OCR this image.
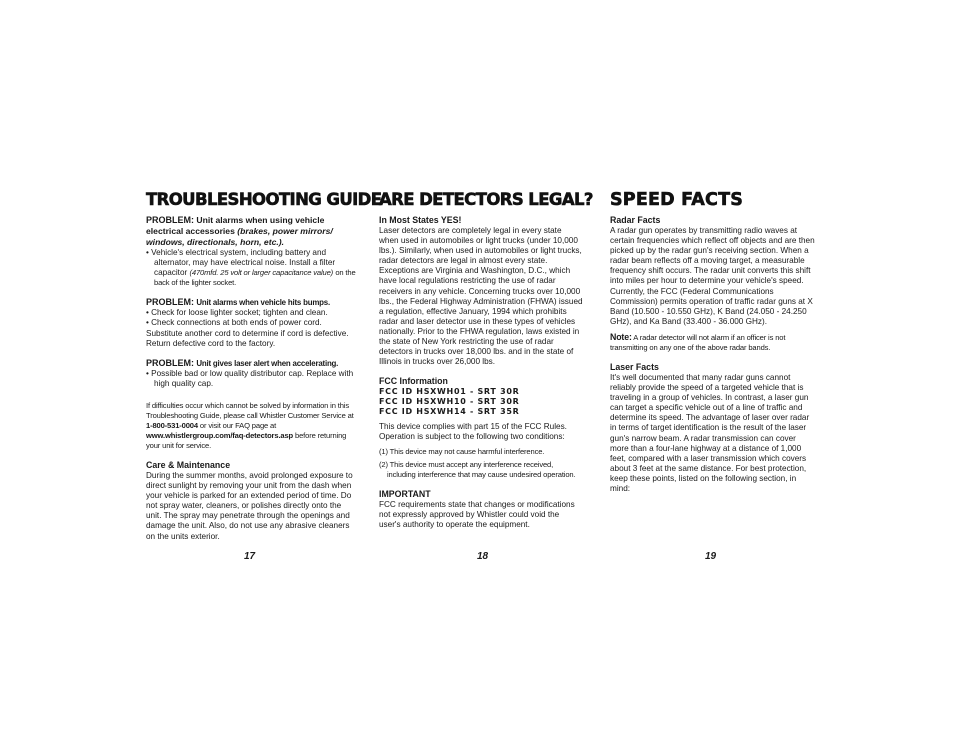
TROUBLESHOOTING GUIDE
PROBLEM: Unit alarms when using vehicle electrical accessories (brakes, power mirrors/ windows, directionals, horn, etc.).

• Vehicle's electrical system, including battery and alternator, may have electrical noise. Install a filter capacitor (470mfd. 25 volt or larger capacitance value) on the back of the lighter socket.

PROBLEM: Unit alarms when vehicle hits bumps.

• Check for loose lighter socket; tighten and clean.

• Check connections at both ends of power cord.

Substitute another cord to determine if cord is defective. Return defective cord to the factory.

PROBLEM: Unit gives laser alert when accelerating.

• Possible bad or low quality distributor cap. Replace with high quality cap.

If difficulties occur which cannot be solved by information in this Troubleshooting Guide, please call Whistler Customer Service at 1-800-531-0004 or visit our FAQ page at www.whistlergroup.com/faq-detectors.asp before returning your unit for service.

Care & Maintenance

During the summer months, avoid prolonged exposure to direct sunlight by removing your unit from the dash when your vehicle is parked for an extended period of time. Do not spray water, cleaners, or polishes directly onto the unit. The spray may penetrate through the openings and damage the unit. Also, do not use any abrasive cleaners on the units exterior.

17
ARE DETECTORS LEGAL?
In Most States YES!

Laser detectors are completely legal in every state when used in automobiles or light trucks (under 10,000 lbs.). Similarly, when used in automobiles or light trucks, radar detectors are legal in almost every state. Exceptions are Virginia and Washington, D.C., which have local regulations restricting the use of radar receivers in any vehicle. Concerning trucks over 10,000 lbs., the Federal Highway Administration (FHWA) issued a regulation, effective January, 1994 which prohibits radar and laser detector use in these types of vehicles nationally. Prior to the FHWA regulation, laws existed in the state of New York restricting the use of radar detectors in trucks over 18,000 lbs. and in the state of Illinois in trucks over 26,000 lbs.

FCC Information

FCC ID HSXWH01 - SRT 30R

FCC ID HSXWH10 - SRT 30R

FCC ID HSXWH14 - SRT 35R

This device complies with part 15 of the FCC Rules. Operation is subject to the following two conditions:

(1) This device may not cause harmful interference.

(2) This device must accept any interference received, including interference that may cause undesired operation.

IMPORTANT

FCC requirements state that changes or modifications not expressly approved by Whistler could void the user's authority to operate the equipment.

18
SPEED FACTS
Radar Facts

A radar gun operates by transmitting radio waves at certain frequencies which reflect off objects and are then picked up by the radar gun's receiving section. When a radar beam reflects off a moving target, a measurable frequency shift occurs. The radar unit converts this shift into miles per hour to determine your vehicle's speed. Currently, the FCC (Federal Communications Commission) permits operation of traffic radar guns at X Band (10.500 - 10.550 GHz), K Band (24.050 - 24.250 GHz), and Ka Band (33.400 - 36.000 GHz).

Note: A radar detector will not alarm if an officer is not transmitting on any one of the above radar bands.

Laser Facts

It's well documented that many radar guns cannot reliably provide the speed of a targeted vehicle that is traveling in a group of vehicles. In contrast, a laser gun can target a specific vehicle out of a line of traffic and determine its speed. The advantage of laser over radar in terms of target identification is the result of the laser gun's narrow beam. A radar transmission can cover more than a four-lane highway at a distance of 1,000 feet, compared with a laser transmission which covers about 3 feet at the same distance. For best protection, keep these points, listed on the following section, in mind:

19
